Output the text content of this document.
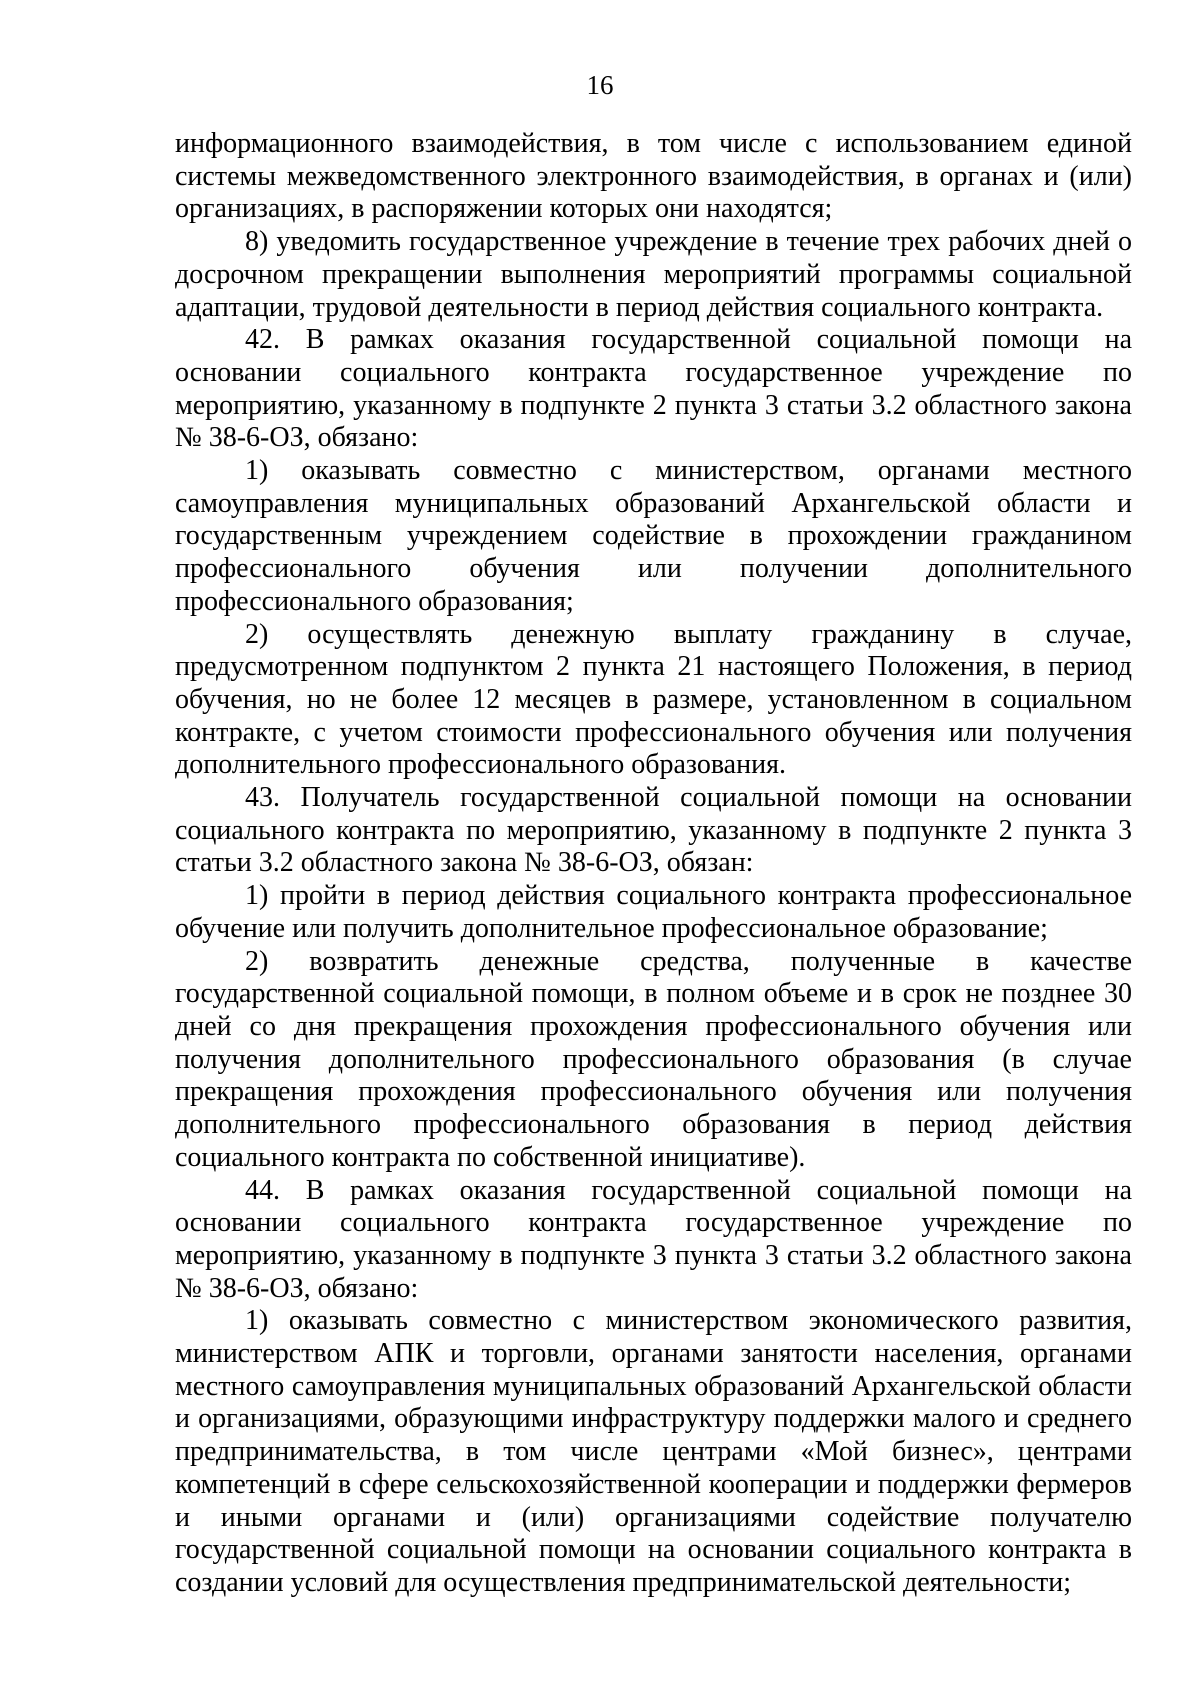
16

информационного взаимодействия, в том числе с использованием единой системы межведомственного электронного взаимодействия, в органах и (или) организациях, в распоряжении которых они находятся;

8) уведомить государственное учреждение в течение трех рабочих дней о досрочном прекращении выполнения мероприятий программы социальной адаптации, трудовой деятельности в период действия социального контракта.

42. В рамках оказания государственной социальной помощи на основании социального контракта государственное учреждение по мероприятию, указанному в подпункте 2 пункта 3 статьи 3.2 областного закона № 38-6-ОЗ, обязано:

1) оказывать совместно с министерством, органами местного самоуправления муниципальных образований Архангельской области и государственным учреждением содействие в прохождении гражданином профессионального обучения или получении дополнительного профессионального образования;

2) осуществлять денежную выплату гражданину в случае, предусмотренном подпунктом 2 пункта 21 настоящего Положения, в период обучения, но не более 12 месяцев в размере, установленном в социальном контракте, с учетом стоимости профессионального обучения или получения дополнительного профессионального образования.

43. Получатель государственной социальной помощи на основании социального контракта по мероприятию, указанному в подпункте 2 пункта 3 статьи 3.2 областного закона № 38-6-ОЗ, обязан:

1) пройти в период действия социального контракта профессиональное обучение или получить дополнительное профессиональное образование;

2) возвратить денежные средства, полученные в качестве государственной социальной помощи, в полном объеме и в срок не позднее 30 дней со дня прекращения прохождения профессионального обучения или получения дополнительного профессионального образования (в случае прекращения прохождения профессионального обучения или получения дополнительного профессионального образования в период действия социального контракта по собственной инициативе).

44. В рамках оказания государственной социальной помощи на основании социального контракта государственное учреждение по мероприятию, указанному в подпункте 3 пункта 3 статьи 3.2 областного закона № 38-6-ОЗ, обязано:

1) оказывать совместно с министерством экономического развития, министерством АПК и торговли, органами занятости населения, органами местного самоуправления муниципальных образований Архангельской области и организациями, образующими инфраструктуру поддержки малого и среднего предпринимательства, в том числе центрами «Мой бизнес», центрами компетенций в сфере сельскохозяйственной кооперации и поддержки фермеров и иными органами и (или) организациями содействие получателю государственной социальной помощи на основании социального контракта в создании условий для осуществления предпринимательской деятельности;
